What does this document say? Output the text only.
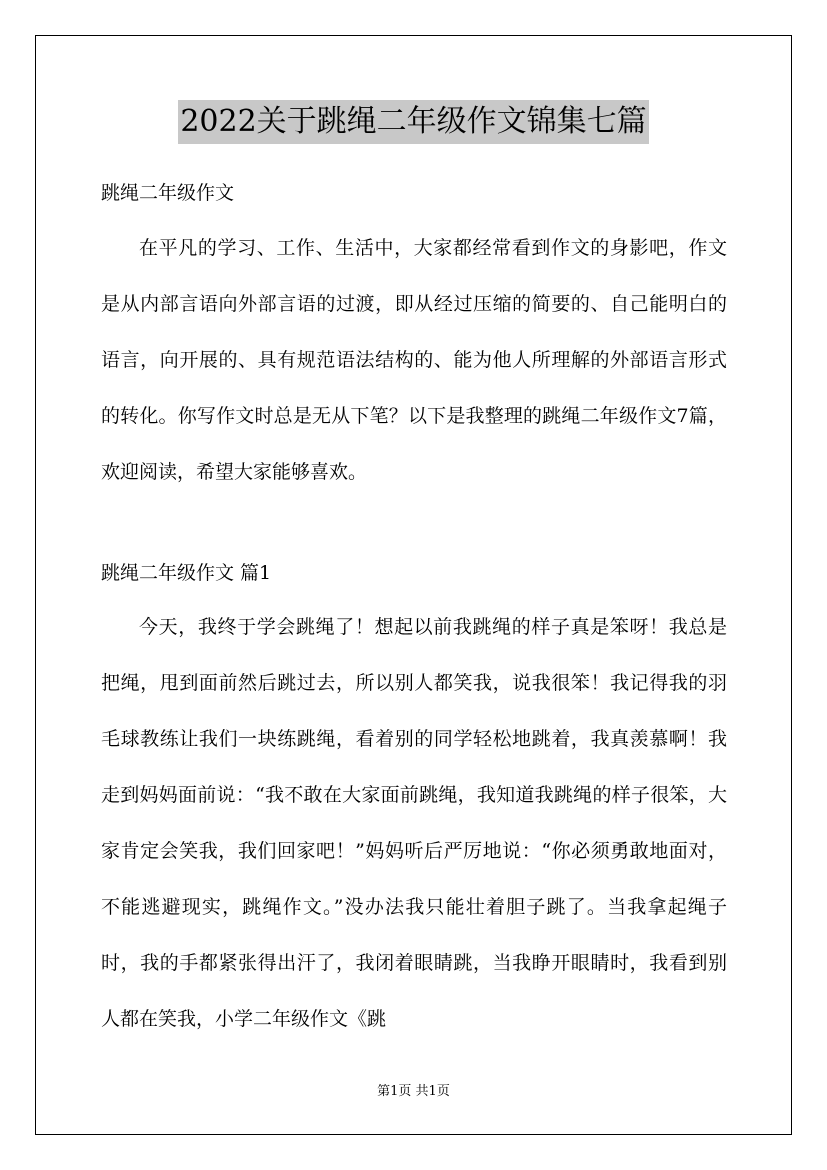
2022关于跳绳二年级作文锦集七篇
跳绳二年级作文

在平凡的学习、工作、生活中，大家都经常看到作文的身影吧，作文是从内部言语向外部言语的过渡，即从经过压缩的简要的、自己能明白的语言，向开展的、具有规范语法结构的、能为他人所理解的外部语言形式的转化。你写作文时总是无从下笔？以下是我整理的跳绳二年级作文7篇，欢迎阅读，希望大家能够喜欢。

跳绳二年级作文 篇1

今天，我终于学会跳绳了！想起以前我跳绳的样子真是笨呀！我总是把绳，甩到面前然后跳过去，所以别人都笑我，说我很笨！我记得我的羽毛球教练让我们一块练跳绳，看着别的同学轻松地跳着，我真羡慕啊！我走到妈妈面前说：“我不敢在大家面前跳绳，我知道我跳绳的样子很笨，大家肯定会笑我，我们回家吧！”妈妈听后严厉地说：“你必须勇敢地面对，不能逃避现实，跳绳作文。”没办法我只能壮着胆子跳了。当我拿起绳子时，我的手都紧张得出汗了，我闭着眼睛跳，当我睁开眼睛时，我看到别人都在笑我，小学二年级作文《跳

第1页 共1页
